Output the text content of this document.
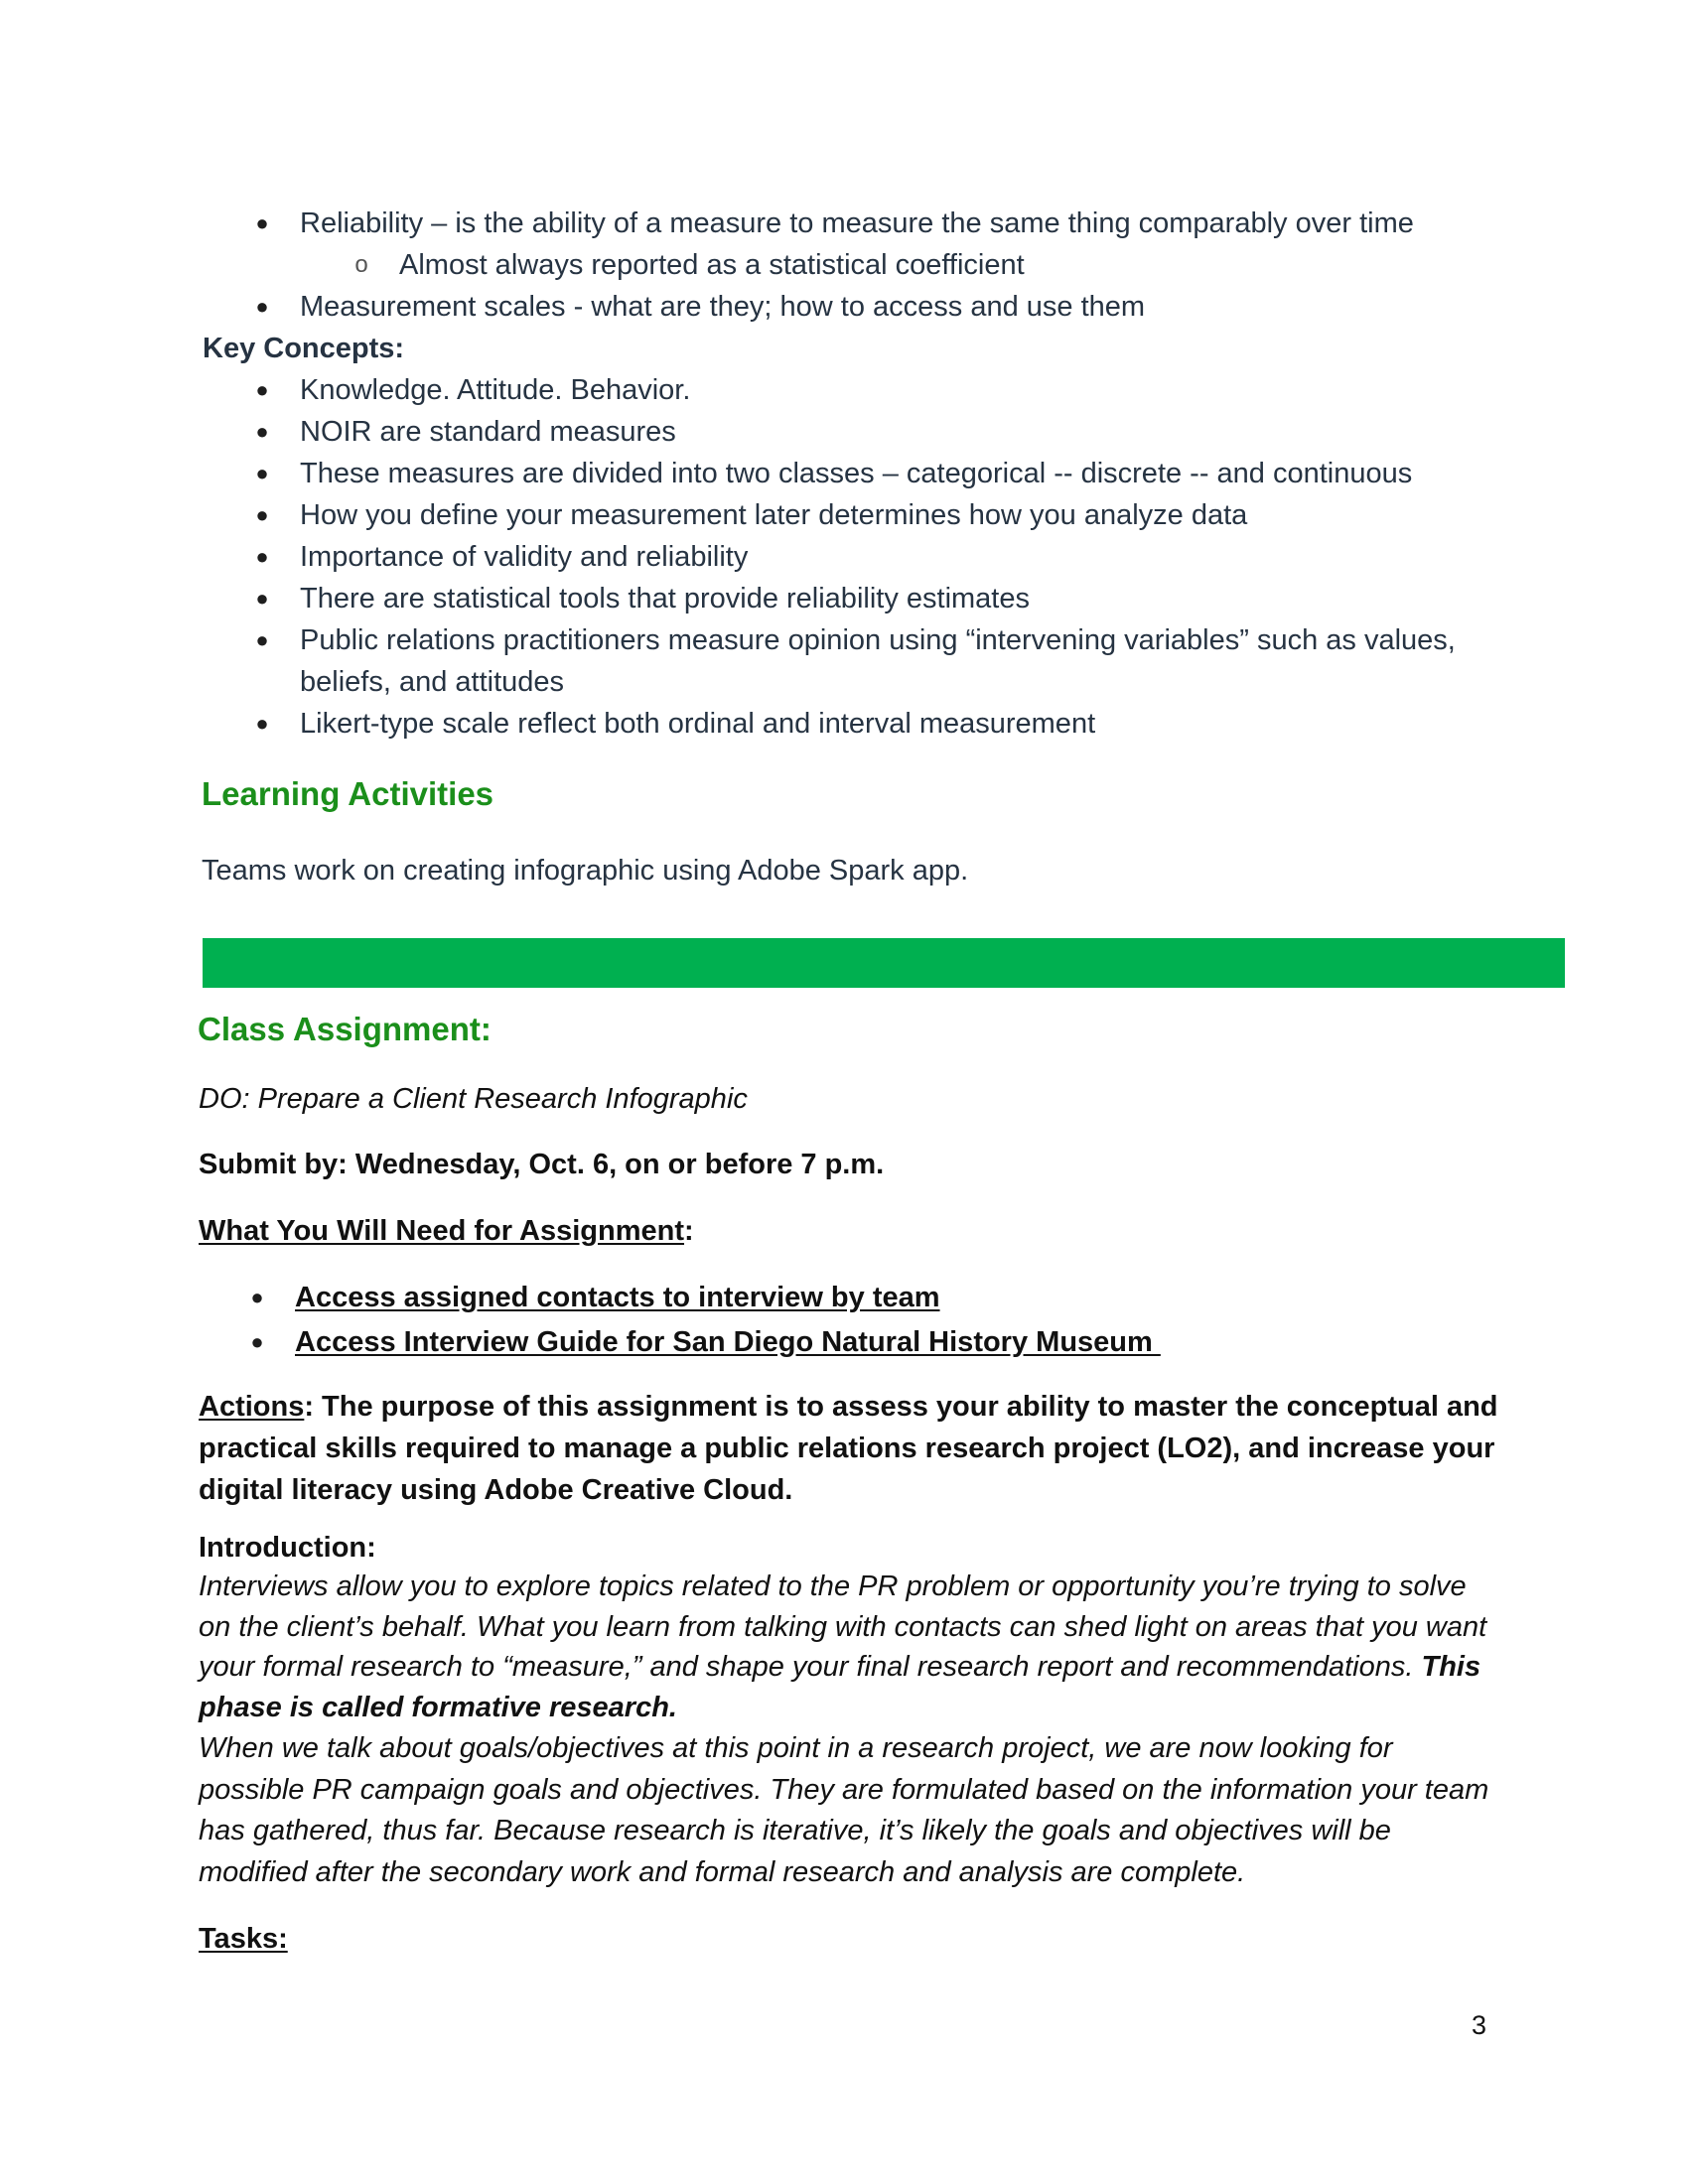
● Reliability – is the ability of a measure to measure the same thing comparably over time
o Almost always reported as a statistical coefficient
● Measurement scales - what are they; how to access and use them
Key Concepts:
● Knowledge. Attitude. Behavior.
● NOIR are standard measures
● These measures are divided into two classes – categorical -- discrete -- and continuous
● How you define your measurement later determines how you analyze data
● Importance of validity and reliability
● There are statistical tools that provide reliability estimates
● Public relations practitioners measure opinion using “intervening variables” such as values,
beliefs, and attitudes
● Likert-type scale reflect both ordinal and interval measurement
Learning Activities
Teams work on creating infographic using Adobe Spark app.
Class Assignment:
DO: Prepare a Client Research Infographic
Submit by: Wednesday, Oct. 6, on or before 7 p.m.
What You Will Need for Assignment:
● Access assigned contacts to interview by team
● Access Interview Guide for San Diego Natural History Museum
Actions: The purpose of this assignment is to assess your ability to master the conceptual and practical skills required to manage a public relations research project (LO2), and increase your digital literacy using Adobe Creative Cloud.
Introduction:
Interviews allow you to explore topics related to the PR problem or opportunity you’re trying to solve on the client’s behalf. What you learn from talking with contacts can shed light on areas that you want your formal research to “measure,” and shape your final research report and recommendations. This phase is called formative research.
When we talk about goals/objectives at this point in a research project, we are now looking for possible PR campaign goals and objectives. They are formulated based on the information your team has gathered, thus far. Because research is iterative, it’s likely the goals and objectives will be modified after the secondary work and formal research and analysis are complete.
Tasks:
3
